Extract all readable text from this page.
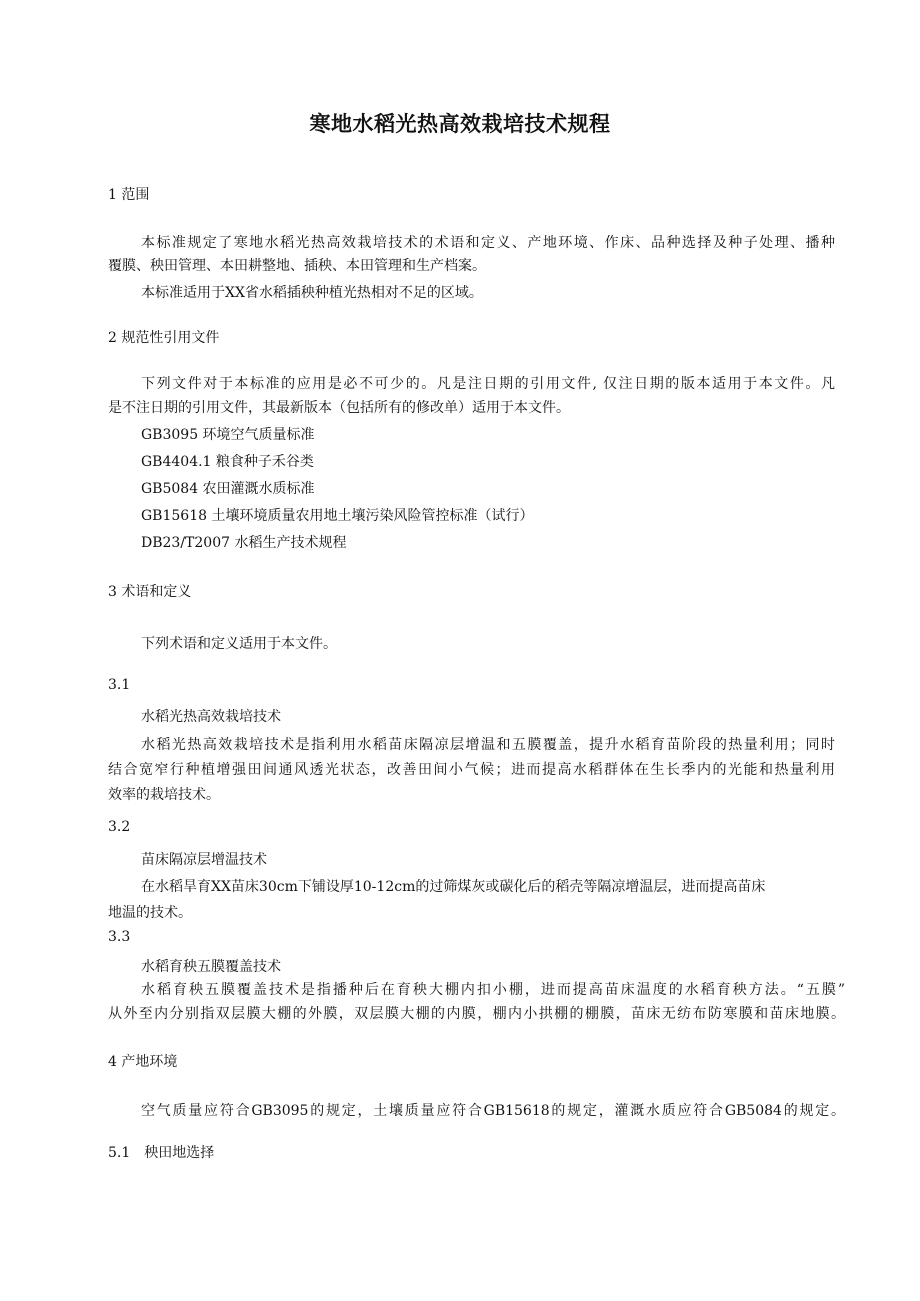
寒地水稻光热高效栽培技术规程
1 范围
本标准规定了寒地水稻光热高效栽培技术的术语和定义、产地环境、作床、品种选择及种子处理、播种
覆膜、秧田管理、本田耕整地、插秧、本田管理和生产档案。
本标准适用于XX省水稻插秧种植光热相对不足的区域。
2 规范性引用文件
下列文件对于本标准的应用是必不可少的。凡是注日期的引用文件, 仅注日期的版本适用于本文件。凡
是不注日期的引用文件，其最新版本（包括所有的修改单）适用于本文件。
GB3095 环境空气质量标准
GB4404.1 粮食种子禾谷类
GB5084 农田灌溉水质标准
GB15618 土壤环境质量农用地土壤污染风险管控标准（试行）
DB23/T2007 水稻生产技术规程
3 术语和定义
下列术语和定义适用于本文件。
3.1
水稻光热高效栽培技术
水稻光热高效栽培技术是指利用水稻苗床隔凉层增温和五膜覆盖，提升水稻育苗阶段的热量利用；同时
结合宽窄行种植增强田间通风透光状态，改善田间小气候；进而提高水稻群体在生长季内的光能和热量利用
效率的栽培技术。
3.2
苗床隔凉层增温技术
在水稻旱育XX苗床30cm下铺设厚10-12cm的过筛煤灰或碳化后的稻壳等隔凉增温层，进而提高苗床
地温的技术。
3.3
水稻育秧五膜覆盖技术
水稻育秧五膜覆盖技术是指播种后在育秧大棚内扣小棚，进而提高苗床温度的水稻育秧方法。“五膜”
从外至内分别指双层膜大棚的外膜，双层膜大棚的内膜，棚内小拱棚的棚膜，苗床无纺布防寒膜和苗床地膜。
4 产地环境
空气质量应符合GB3095的规定，土壤质量应符合GB15618的规定，灌溉水质应符合GB5084的规定。
5.1　秧田地选择
